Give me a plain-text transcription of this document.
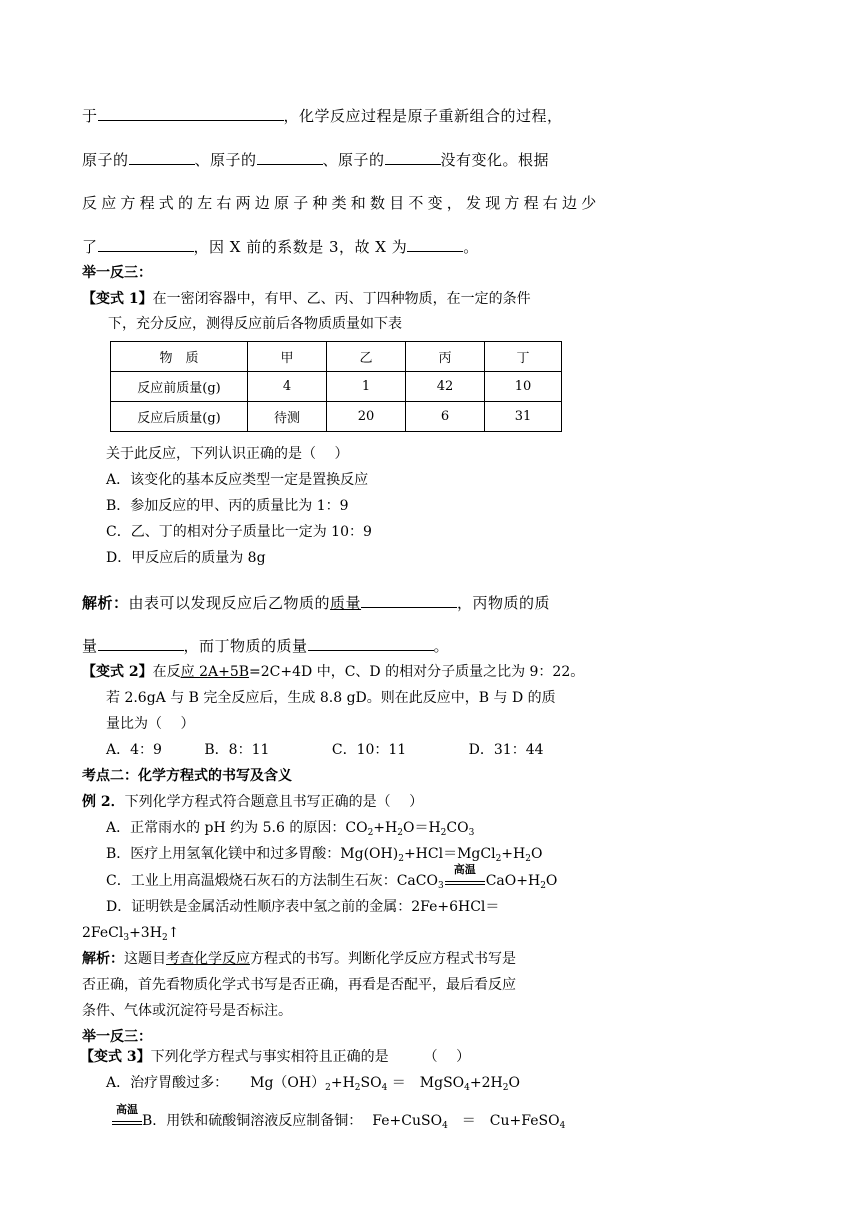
于	，化学反应过程是原子重新组合的过程，
原子的	、原子的	、原子的	没有变化。根据
反应方程式的左右两边原子种类和数目不变，发现方程右边少
了	，因 X 前的系数是 3，故 X 为	。
举一反三：
【变式 1】在一密闭容器中，有甲、乙、丙、丁四种物质，在一定的条件
下，充分反应，测得反应前后各物质质量如下表
物　质	甲	乙	丙	丁
反应前质量(g)	4	1	42	10
反应后质量(g)	待测	20	6	31
关于此反应，下列认识正确的是（　 ）
A．该变化的基本反应类型一定是置换反应
B．参加反应的甲、丙的质量比为 1：9
C．乙、丁的相对分子质量比一定为 10：9
D．甲反应后的质量为 8g
解析：由表可以发现反应后乙物质的质量	，丙物质的质
量	，而丁物质的质量	。
【变式 2】在反应 2A+5B=2C+4D 中，C、D 的相对分子质量之比为 9：22。
若 2.6gA 与 B 完全反应后，生成 8.8 gD。则在此反应中，B 与 D 的质
量比为（　 ）
A．4：9	B．8：11	C．10：11	D．31：44
考点二：化学方程式的书写及含义
例 2．下列化学方程式符合题意且书写正确的是（　 ）
A．正常雨水的 pH 约为 5.6 的原因：$CO_2+H_2O=H_2CO_3$
B．医疗上用氢氧化镁中和过多胃酸：$Mg(OH)_2+HCl=MgCl_2+H_2O$
C．工业上用高温煅烧石灰石的方法制生石灰：CaCO$_3$
高温
$CaO+H_2O$
D．证明铁是金属活动性顺序表中氢之前的金属：2Fe+6HCl＝
$2FeCl_3+3H_2↑$
解析：这题目考查化学反应方程式的书写。判断化学反应方程式书写是
否正确，首先看物质化学式书写是否正确，再看是否配平，最后看反应
条件、气体或沉淀符号是否标注。
举一反三：
【变式 3】下列化学方程式与事实相符且正确的是　　　（　 ）
A．治疗胃酸过多： $Mg(OH)_2+H_2SO_4$ ＝　$MgSO_4+2H_2O$
高温
B．用铁和硫酸铜溶液反应制备铜： Fe+CuSO$_4$　＝　Cu+FeSO$_4$
